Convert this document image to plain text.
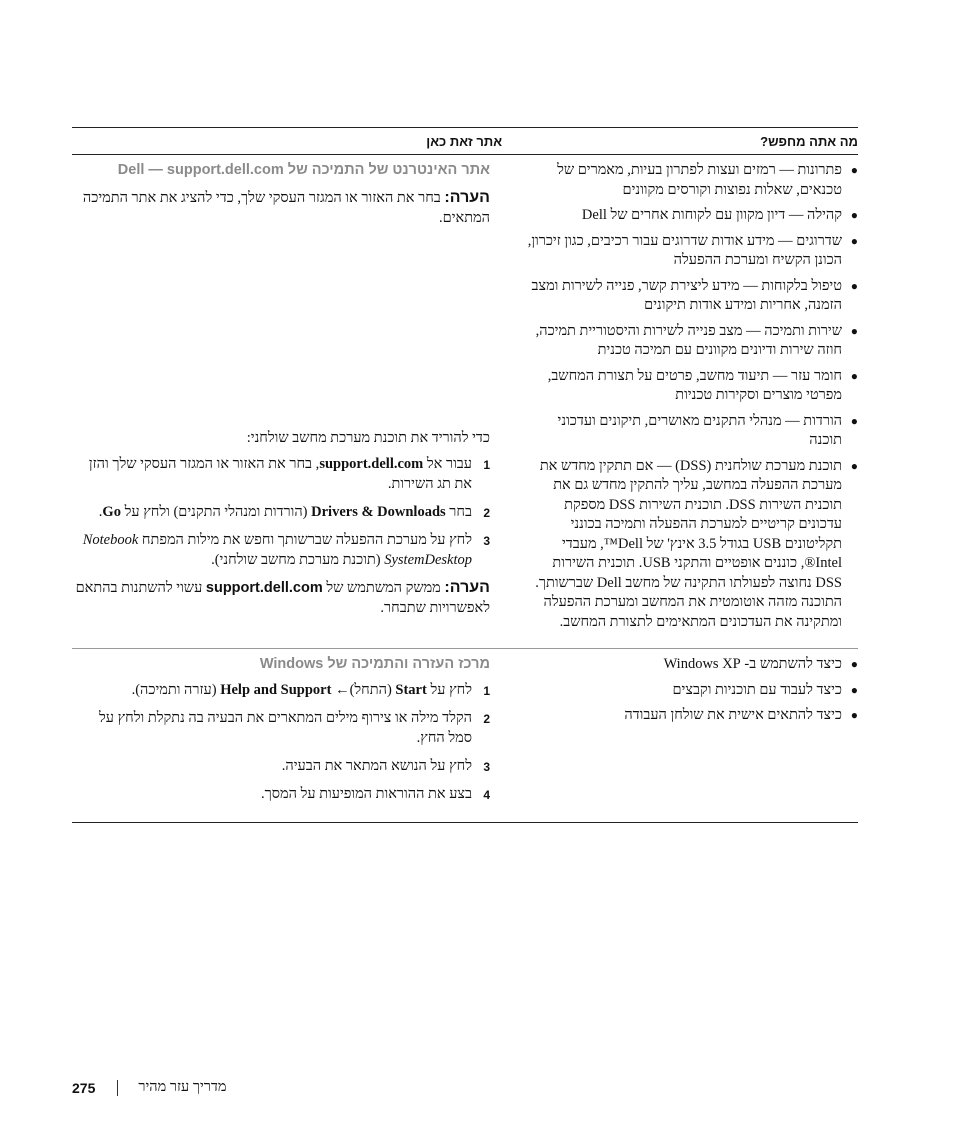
מה אתה מחפש?
אתר זאת כאן
●
פתרונות — רמזים ועצות לפתרון בעיות, מאמרים של טכנאים, שאלות נפוצות וקורסים מקוונים
●
קהילה — דיון מקוון עם לקוחות אחרים של Dell
●
שדרוגים — מידע אודות שדרוגים עבור רכיבים, כגון זיכרון, הכונן הקשיח ומערכת ההפעלה
●
טיפול בלקוחות — מידע ליצירת קשר, פנייה לשירות ומצב הזמנה, אחריות ומידע אודות תיקונים
●
שירות ותמיכה — מצב פנייה לשירות והיסטוריית תמיכה, חוזה שירות ודיונים מקוונים עם תמיכה טכנית
●
חומר עזר — תיעוד מחשב, פרטים על תצורת המחשב, מפרטי מוצרים וסקירות טכניות
●
הורדות — מנהלי התקנים מאושרים, תיקונים ועדכוני תוכנה
●
תוכנת מערכת שולחנית (DSS) — אם תתקין מחדש את מערכת ההפעלה במחשב, עליך להתקין מחדש גם את תוכנית השירות DSS. תוכנית השירות DSS מספקת עדכונים קריטיים למערכת ההפעלה ותמיכה בכונני תקליטונים USB בגודל 3.5 אינץ' של Dell™, מעבדי Intel®, כוננים אופטיים והתקני USB. תוכנית השירות DSS נחוצה לפעולתו התקינה של מחשב Dell שברשותך. התוכנה מזהה אוטומטית את המחשב ומערכת ההפעלה ומתקינה את העדכונים המתאימים לתצורת המחשב.
אתר האינטרנט של התמיכה של Dell — support.dell.com
הערה: בחר את האזור או המגזר העסקי שלך, כדי להציג את אתר התמיכה המתאים.
כדי להוריד את תוכנת מערכת מחשב שולחני:
1
עבור אל support.dell.com, בחר את האזור או המגזר העסקי שלך והזן את תג השירות.
2
בחר Drivers & Downloads (הורדות ומנהלי התקנים) ולחץ על Go.
3
לחץ על מערכת ההפעלה שברשותך וחפש את מילות המפתח Notebook SystemDesktop (תוכנת מערכת מחשב שולחני).
הערה: ממשק המשתמש של support.dell.com עשוי להשתנות בהתאם לאפשרויות שתבחר.
●
כיצד להשתמש ב- Windows XP
●
כיצד לעבוד עם תוכניות וקבצים
●
כיצד להתאים אישית את שולחן העבודה
מרכז העזרה והתמיכה של Windows
1
לחץ על Start (התחל)← Help and Support (עזרה ותמיכה).
2
הקלד מילה או צירוף מילים המתארים את הבעיה בה נתקלת ולחץ על סמל החץ.
3
לחץ על הנושא המתאר את הבעיה.
4
בצע את ההוראות המופיעות על המסך.
275	מדריך עזר מהיר
